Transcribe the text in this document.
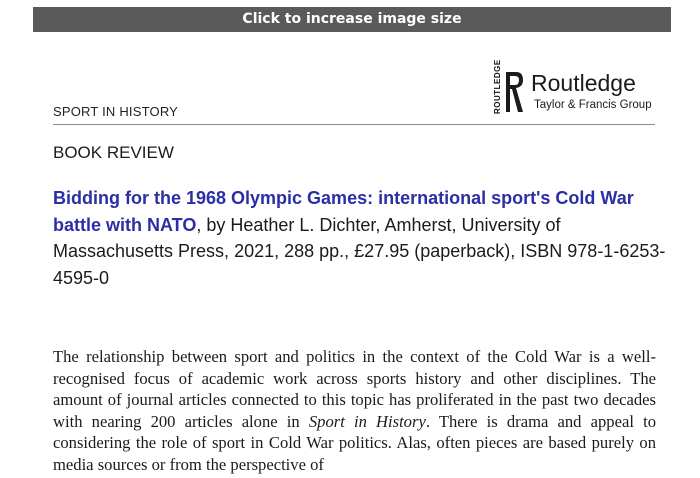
Click to increase image size
ROUTLEDGE Routledge
Taylor & Francis Group
SPORT IN HISTORY
BOOK REVIEW
Bidding for the 1968 Olympic Games: international sport's Cold War battle with NATO, by Heather L. Dichter, Amherst, University of Massachusetts Press, 2021, 288 pp., £27.95 (paperback), ISBN 978-1-6253-4595-0

The relationship between sport and politics in the context of the Cold War is a well-recognised focus of academic work across sports history and other disciplines. The amount of journal articles connected to this topic has proliferated in the past two decades with nearing 200 articles alone in Sport in History. There is drama and appeal to considering the role of sport in Cold War politics. Alas, often pieces are based purely on media sources or from the perspective of
